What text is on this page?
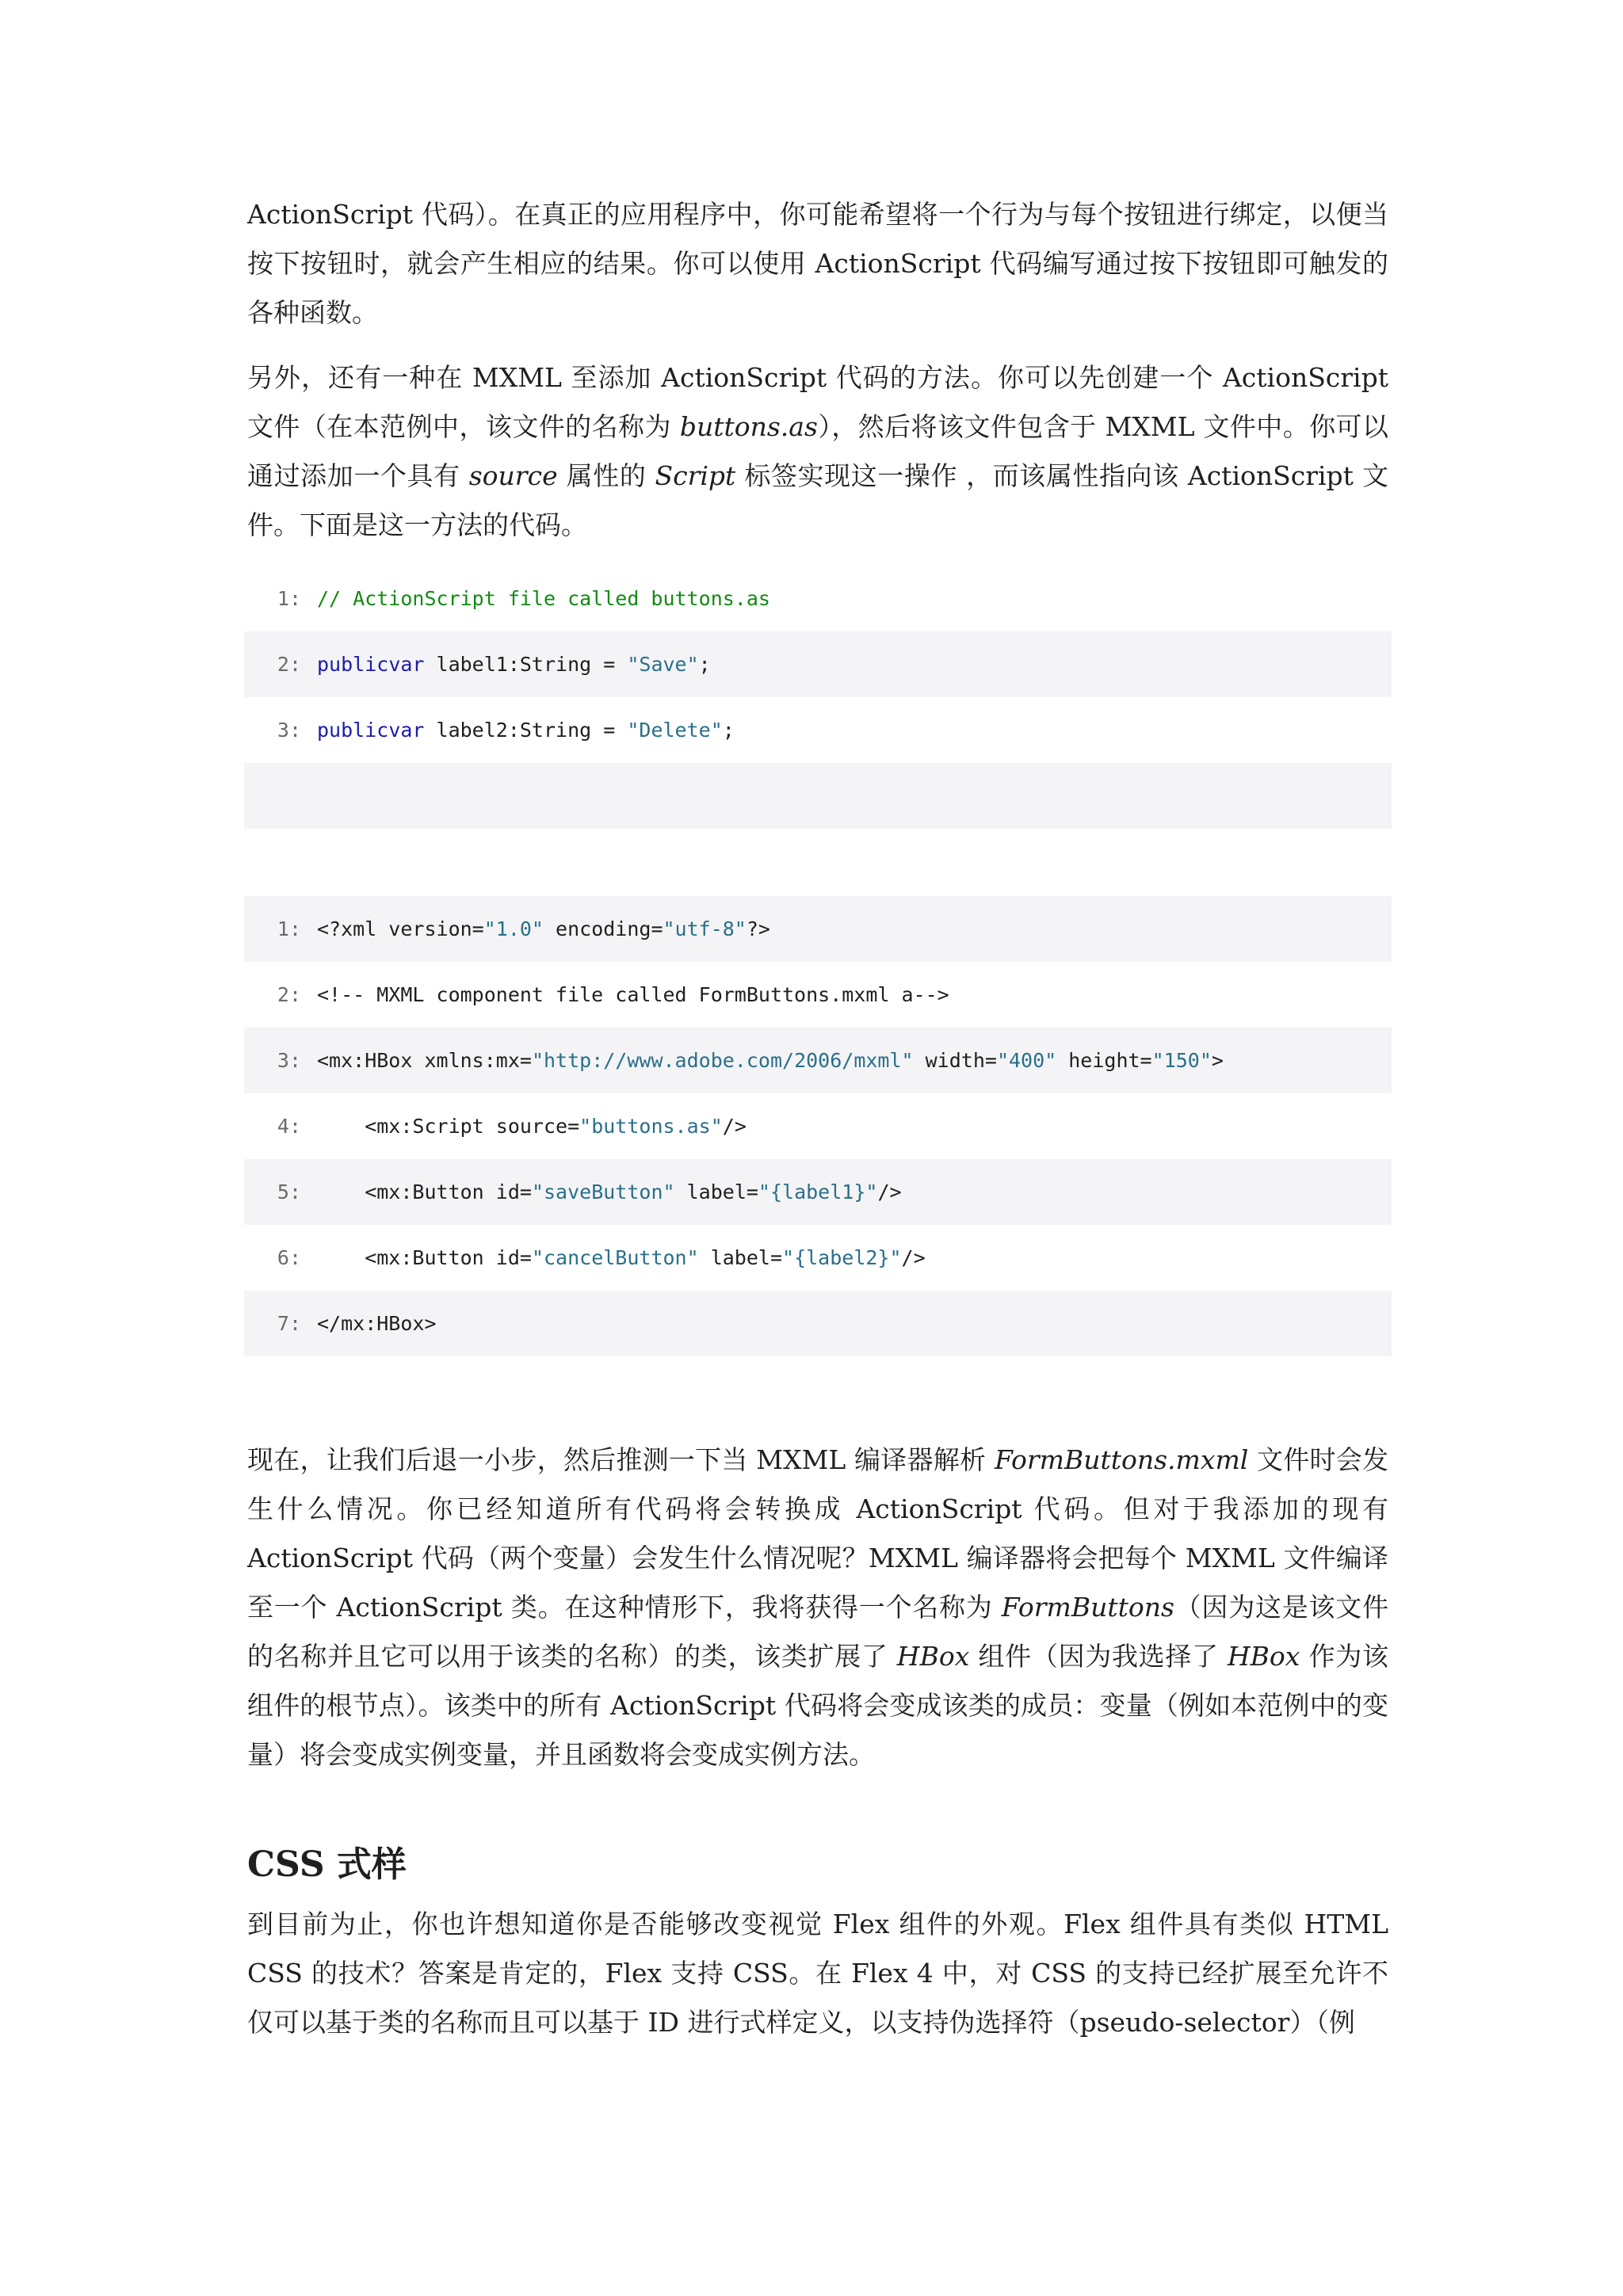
ActionScript 代码）。在真正的应用程序中，你可能希望将一个行为与每个按钮进行绑定，以便当按下按钮时，就会产生相应的结果。你可以使用 ActionScript 代码编写通过按下按钮即可触发的各种函数。

另外，还有一种在 MXML 至添加 ActionScript 代码的方法。你可以先创建一个 ActionScript 文件（在本范例中，该文件的名称为 buttons.as），然后将该文件包含于 MXML 文件中。你可以通过添加一个具有 source 属性的 Script 标签实现这一操作 ，而该属性指向该 ActionScript 文件。下面是这一方法的代码。

1: // ActionScript file called buttons.as
2: public var label1:String = "Save" ;
3: public var label2:String = "Delete" ;
1: <?xml version= "1.0" encoding= "utf-8" ?>
2: <!-- MXML component file called FormButtons.mxml a-->
3: <mx:HBox xmlns:mx= "http://www.adobe.com/2006/mxml" width= "400" height= "150" >
4: <mx:Script source= "buttons.as" />
5: <mx:Button id= "saveButton" label= "{label1}" />
6: <mx:Button id= "cancelButton" label= "{label2}" />
7: </mx:HBox>

现在，让我们后退一小步，然后推测一下当 MXML 编译器解析 FormButtons.mxml 文件时会发生什么情况。你已经知道所有代码将会转换成 ActionScript 代码。但对于我添加的现有 ActionScript 代码（两个变量）会发生什么情况呢？MXML 编译器将会把每个 MXML 文件编译至一个 ActionScript 类。在这种情形下，我将获得一个名称为 FormButtons（因为这是该文件的名称并且它可以用于该类的名称）的类，该类扩展了 HBox 组件（因为我选择了 HBox 作为该组件的根节点）。该类中的所有 ActionScript 代码将会变成该类的成员：变量（例如本范例中的变量）将会变成实例变量，并且函数将会变成实例方法。

CSS 式样

到目前为止，你也许想知道你是否能够改变视觉 Flex 组件的外观。Flex 组件具有类似 HTML CSS 的技术？答案是肯定的，Flex 支持 CSS。在 Flex 4 中，对 CSS 的支持已经扩展至允许不仅可以基于类的名称而且可以基于 ID 进行式样定义，以支持伪选择符（pseudo-selector）（例
